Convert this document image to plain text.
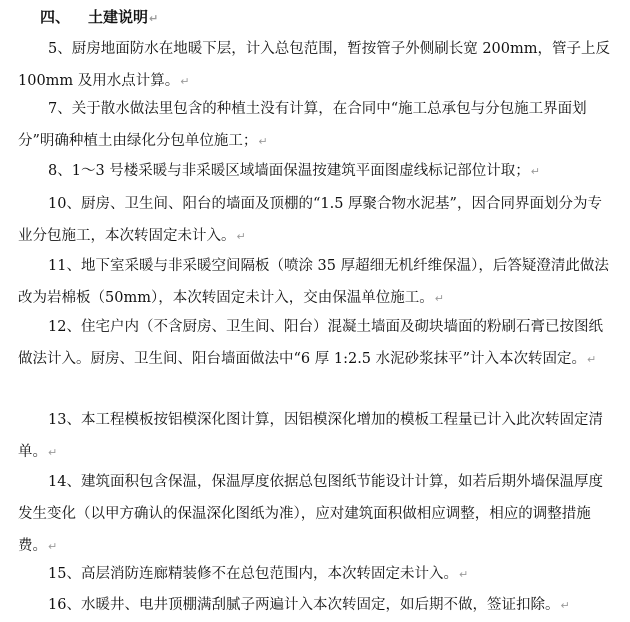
四、 土建说明↵
5、厨房地面防水在地暖下层，计入总包范围，暂按管子外侧刷长宽 200mm，管子上反 100mm 及用水点计算。↵
7、关于散水做法里包含的种植土没有计算，在合同中“施工总承包与分包施工界面划分”明确种植土由绿化分包单位施工；↵
8、1～3 号楼采暖与非采暖区域墙面保温按建筑平面图虚线标记部位计取；↵
10、厨房、卫生间、阳台的墙面及顶棚的“1.5 厚聚合物水泥基”，因合同界面划分为专业分包施工，本次转固定未计入。↵
11、地下室采暖与非采暖空间隔板（喷涂 35 厚超细无机纤维保温），后答疑澄清此做法改为岩棉板（50mm），本次转固定未计入，交由保温单位施工。↵
12、住宅户内（不含厨房、卫生间、阳台）混凝土墙面及砌块墙面的粉刷石膏已按图纸做法计入。厨房、卫生间、阳台墙面做法中“6 厚 1:2.5 水泥砂浆抹平”计入本次转固定。↵
13、本工程模板按铝模深化图计算，因铝模深化增加的模板工程量已计入此次转固定清单。↵
14、建筑面积包含保温，保温厚度依据总包图纸节能设计计算，如若后期外墙保温厚度发生变化（以甲方确认的保温深化图纸为准），应对建筑面积做相应调整，相应的调整措施费。↵
15、高层消防连廊精装修不在总包范围内，本次转固定未计入。↵
16、水暖井、电井顶棚满刮腻子两遍计入本次转固定，如后期不做，签证扣除。↵
